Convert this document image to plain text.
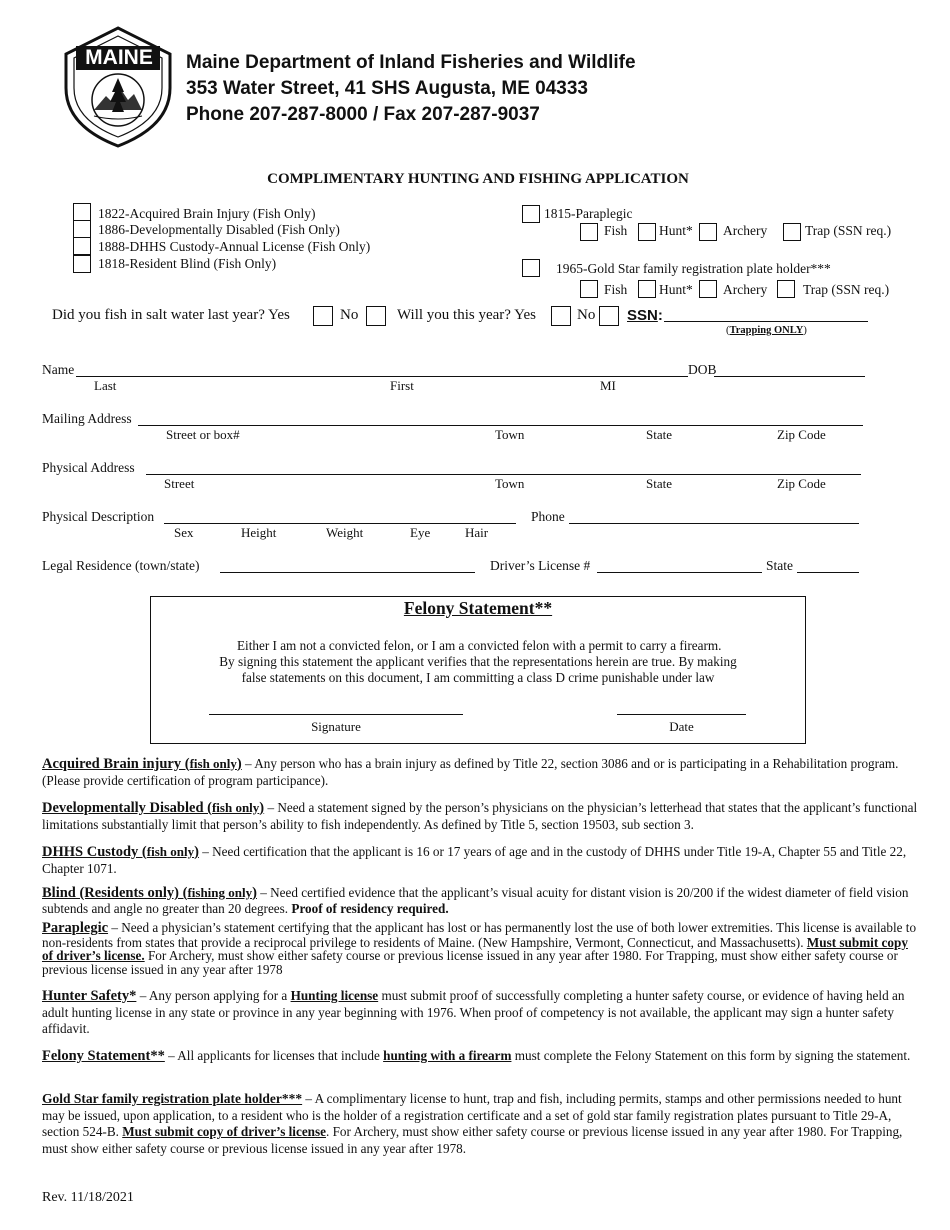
MAINE	Maine Department of Inland Fisheries and Wildlife
353 Water Street, 41 SHS Augusta, ME 04333
Phone 207-287-8000 / Fax 207-287-9037
COMPLIMENTARY HUNTING AND FISHING APPLICATION
1822-Acquired Brain Injury (Fish Only)
1886-Developmentally Disabled (Fish Only)
1888-DHHS Custody-Annual License (Fish Only)
1818-Resident Blind (Fish Only)
1815-Paraplegic
Fish Hunt* Archery	Trap (SSN req.)
1965-Gold Star family registration plate holder***
Fish Hunt* Archery	Trap (SSN req.)
Did you fish in salt water last year? Yes	No	Will you this year? Yes	No SSN:
(Trapping ONLY)
Name	DOB
Last	First	MI
Mailing Address
Street or box#	Town	State	Zip Code
Physical Address
Street	Town	State	Zip Code
Physical Description	Phone
Sex	Height	Weight	Eye	Hair
Legal Residence (town/state)	Driver’s License #	State
Felony Statement**
Either I am not a convicted felon, or I am a convicted felon with a permit to carry a firearm.
By signing this statement the applicant verifies that the representations herein are true. By making
false statements on this document, I am committing a class D crime punishable under law
Signature	Date
Acquired Brain injury (fish only) – Any person who has a brain injury as defined by Title 22, section 3086 and or is participating in a Rehabilitation program. (Please provide certification of program participance).
Developmentally Disabled (fish only) – Need a statement signed by the person’s physicians on the physician’s letterhead that states that the applicant’s functional limitations substantially limit that person’s ability to fish independently. As defined by Title 5, section 19503, sub section 3.
DHHS Custody (fish only) – Need certification that the applicant is 16 or 17 years of age and in the custody of DHHS under Title 19-A, Chapter 55 and Title 22, Chapter 1071.
Blind (Residents only) (fishing only) – Need certified evidence that the applicant’s visual acuity for distant vision is 20/200 if the widest diameter of field vision subtends and angle no greater than 20 degrees. Proof of residency required.
Paraplegic – Need a physician’s statement certifying that the applicant has lost or has permanently lost the use of both lower extremities. This license is available to non-residents from states that provide a reciprocal privilege to residents of Maine. (New Hampshire, Vermont, Connecticut, and Massachusetts). Must submit copy of driver’s license. For Archery, must show either safety course or previous license issued in any year after 1980. For Trapping, must show either safety course or previous license issued in any year after 1978
Hunter Safety* – Any person applying for a Hunting license must submit proof of successfully completing a hunter safety course, or evidence of having held an adult hunting license in any state or province in any year beginning with 1976. When proof of competency is not available, the applicant may sign a hunter safety affidavit.
Felony Statement** – All applicants for licenses that include hunting with a firearm must complete the Felony Statement on this form by signing the statement.
Gold Star family registration plate holder*** – A complimentary license to hunt, trap and fish, including permits, stamps and other permissions needed to hunt may be issued, upon application, to a resident who is the holder of a registration certificate and a set of gold star family registration plates pursuant to Title 29-A, section 524-B. Must submit copy of driver’s license. For Archery, must show either safety course or previous license issued in any year after 1980. For Trapping, must show either safety course or previous license issued in any year after 1978.
Rev. 11/18/2021
